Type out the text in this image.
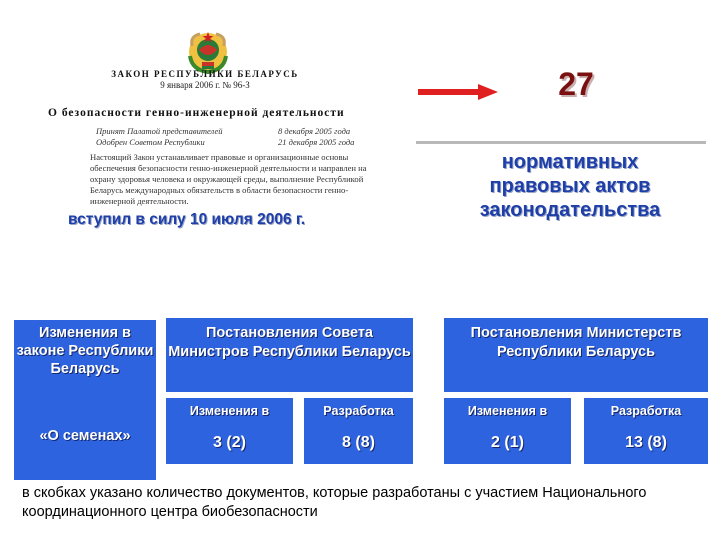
ЗАКОН РЕСПУБЛИКИ БЕЛАРУСЬ
9 января 2006 г. № 96-З
О безопасности генно-инженерной деятельности
Принят Палатой представителей	8 декабря 2005 года
Одобрен Советом Республики	21 декабря 2005 года
Настоящий Закон устанавливает правовые и организационные основы
обеспечения безопасности генно-инженерной деятельности и направлен на
охрану здоровья человека и окружающей среды, выполнение Республикой
Беларусь международных обязательств в области безопасности генно-
инженерной деятельности.
вступил в силу 10 июля 2006 г.
27
нормативных правовых актов законодательства
Изменения в законе Республики Беларусь
«О семенах»
Постановления Совета Министров Республики Беларусь
Изменения в
3 (2)
Разработка
8 (8)
Постановления Министерств Республики Беларусь
Изменения в
2 (1)
Разработка
13 (8)
в скобках указано количество документов, которые разработаны с участием Национального координационного центра биобезопасности
